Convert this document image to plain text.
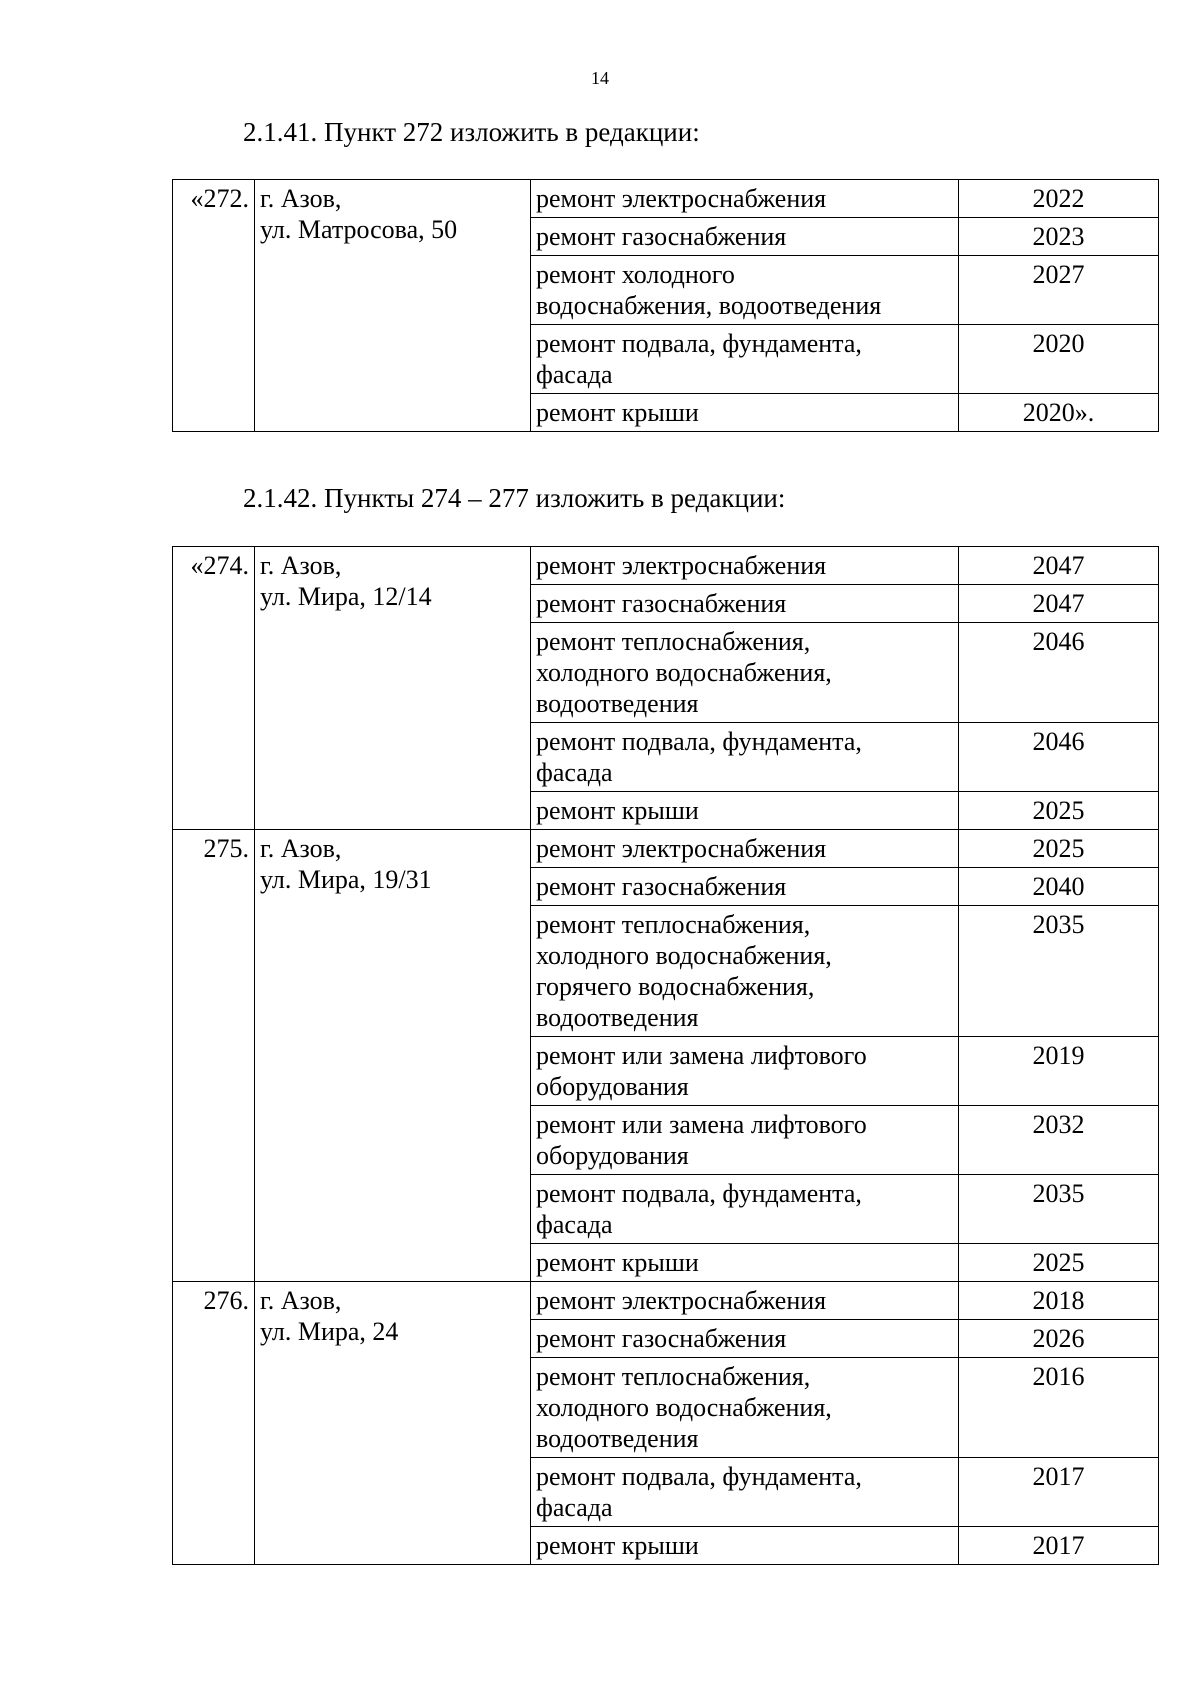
14
2.1.41. Пункт 272 изложить в редакции:
«272.	г. Азов,
ул. Матросова, 50	ремонт электроснабжения	2022
		ремонт газоснабжения	2023
		ремонт холодного
водоснабжения, водоотведения	2027
		ремонт подвала, фундамента,
фасада	2020
		ремонт крыши	2020».
2.1.42. Пункты 274 – 277 изложить в редакции:
«274.	г. Азов,
ул. Мира, 12/14	ремонт электроснабжения	2047
		ремонт газоснабжения	2047
		ремонт теплоснабжения,
холодного водоснабжения,
водоотведения	2046
		ремонт подвала, фундамента,
фасада	2046
		ремонт крыши	2025
275.	г. Азов,
ул. Мира, 19/31	ремонт электроснабжения	2025
		ремонт газоснабжения	2040
		ремонт теплоснабжения,
холодного водоснабжения,
горячего водоснабжения,
водоотведения	2035
		ремонт или замена лифтового
оборудования	2019
		ремонт или замена лифтового
оборудования	2032
		ремонт подвала, фундамента,
фасада	2035
		ремонт крыши	2025
276.	г. Азов,
ул. Мира, 24	ремонт электроснабжения	2018
		ремонт газоснабжения	2026
		ремонт теплоснабжения,
холодного водоснабжения,
водоотведения	2016
		ремонт подвала, фундамента,
фасада	2017
		ремонт крыши	2017
